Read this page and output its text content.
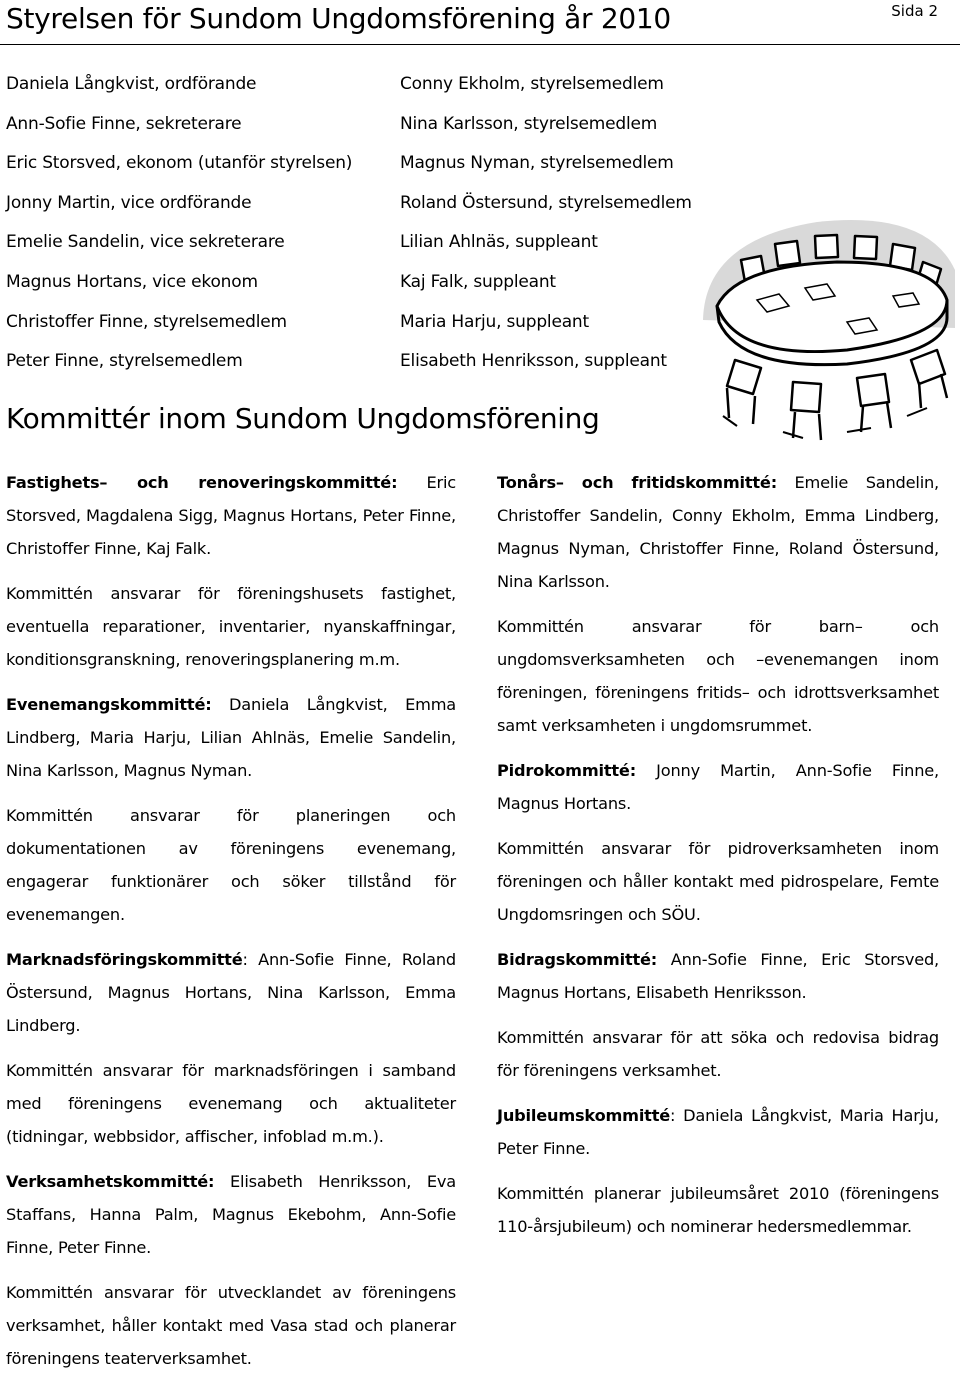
Styrelsen för Sundom Ungdomsförening år 2010	Sida 2
Daniela Långkvist, ordförande
Ann-Sofie Finne, sekreterare
Eric Storsved, ekonom (utanför styrelsen)
Jonny Martin, vice ordförande
Emelie Sandelin, vice sekreterare
Magnus Hortans, vice ekonom
Christoffer Finne, styrelsemedlem
Peter Finne, styrelsemedlem
Conny Ekholm, styrelsemedlem
Nina Karlsson, styrelsemedlem
Magnus Nyman, styrelsemedlem
Roland Östersund, styrelsemedlem
Lilian Ahlnäs, suppleant
Kaj Falk, suppleant
Maria Harju, suppleant
Elisabeth Henriksson, suppleant
Kommittér inom Sundom Ungdomsförening

Fastighets– och renoveringskommitté: Eric Storsved, Magdalena Sigg, Magnus Hortans, Peter Finne, Christoffer Finne, Kaj Falk.

Kommittén ansvarar för föreningshusets fastighet, eventuella reparationer, inventarier, nyanskaffningar, konditionsgranskning, renoveringsplanering m.m.

Evenemangskommitté: Daniela Långkvist, Emma Lindberg, Maria Harju, Lilian Ahlnäs, Emelie Sandelin, Nina Karlsson, Magnus Nyman.

Kommittén ansvarar för planeringen och dokumentationen av föreningens evenemang, engagerar funktionärer och söker tillstånd för evenemangen.

Marknadsföringskommitté: Ann-Sofie Finne, Roland Östersund, Magnus Hortans, Nina Karlsson, Emma Lindberg.

Kommittén ansvarar för marknadsföringen i samband med föreningens evenemang och aktualiteter (tidningar, webbsidor, affischer, infoblad m.m.).

Verksamhetskommitté: Elisabeth Henriksson, Eva Staffans, Hanna Palm, Magnus Ekebohm, Ann-Sofie Finne, Peter Finne.

Kommittén ansvarar för utvecklandet av föreningens verksamhet, håller kontakt med Vasa stad och planerar föreningens teaterverksamhet.

Tonårs– och fritidskommitté: Emelie Sandelin, Christoffer Sandelin, Conny Ekholm, Emma Lindberg, Magnus Nyman, Christoffer Finne, Roland Östersund, Nina Karlsson.

Kommittén ansvarar för barn– och ungdomsverksamheten och –evenemangen inom föreningen, föreningens fritids– och idrottsverksamhet samt verksamheten i ungdomsrummet.

Pidrokommitté: Jonny Martin, Ann-Sofie Finne, Magnus Hortans.

Kommittén ansvarar för pidroverksamheten inom föreningen och håller kontakt med pidrospelare, Femte Ungdomsringen och SÖU.

Bidragskommitté: Ann-Sofie Finne, Eric Storsved, Magnus Hortans, Elisabeth Henriksson.

Kommittén ansvarar för att söka och redovisa bidrag för föreningens verksamhet.

Jubileumskommitté: Daniela Långkvist, Maria Harju, Peter Finne.

Kommittén planerar jubileumsåret 2010 (föreningens 110-årsjubileum) och nominerar hedersmedlemmar.
